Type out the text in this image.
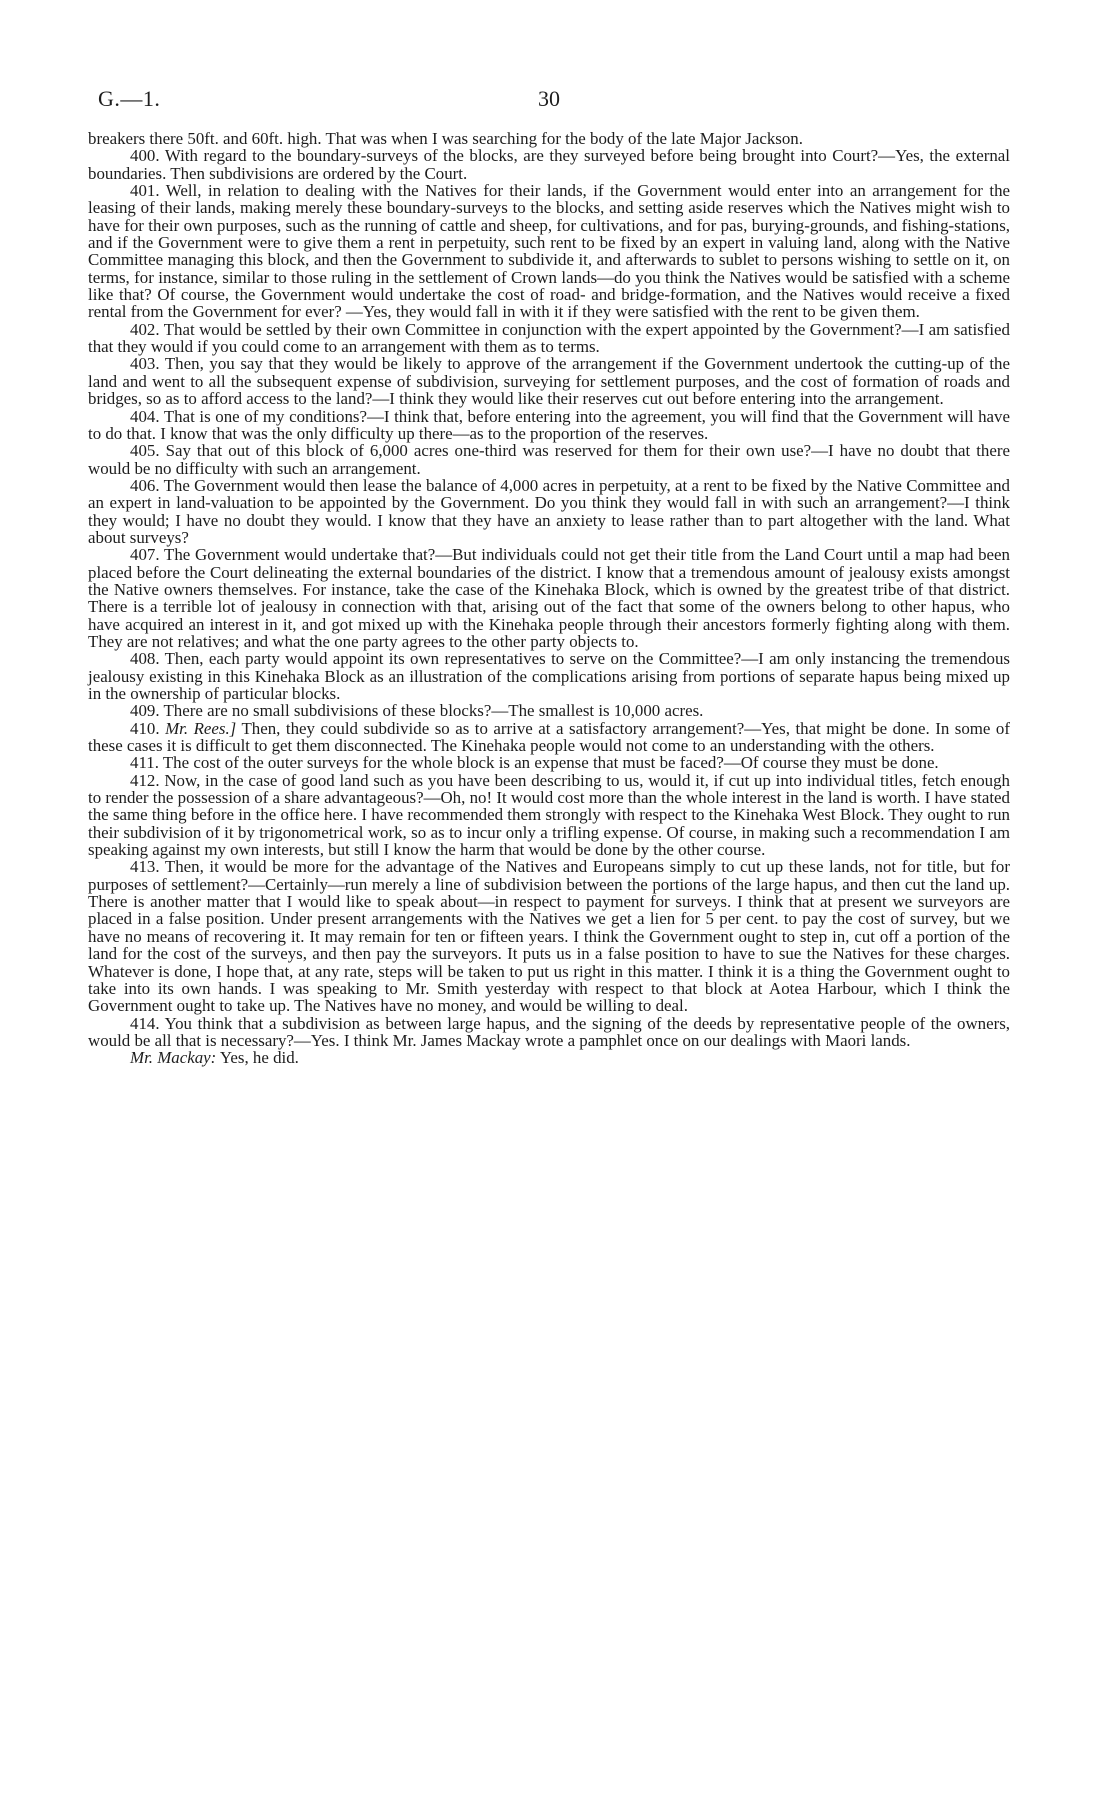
G.—1.	30

breakers there 50ft. and 60ft. high. That was when I was searching for the body of the late Major Jackson.

400. With regard to the boundary-surveys of the blocks, are they surveyed before being brought into Court?—Yes, the external boundaries. Then subdivisions are ordered by the Court.

401. Well, in relation to dealing with the Natives for their lands, if the Government would enter into an arrangement for the leasing of their lands, making merely these boundary-surveys to the blocks, and setting aside reserves which the Natives might wish to have for their own purposes, such as the running of cattle and sheep, for cultivations, and for pas, burying-grounds, and fishing-stations, and if the Government were to give them a rent in perpetuity, such rent to be fixed by an expert in valuing land, along with the Native Committee managing this block, and then the Government to subdivide it, and afterwards to sublet to persons wishing to settle on it, on terms, for instance, similar to those ruling in the settlement of Crown lands—do you think the Natives would be satisfied with a scheme like that? Of course, the Government would undertake the cost of road- and bridge-formation, and the Natives would receive a fixed rental from the Government for ever? —Yes, they would fall in with it if they were satisfied with the rent to be given them.

402. That would be settled by their own Committee in conjunction with the expert appointed by the Government?—I am satisfied that they would if you could come to an arrangement with them as to terms.

403. Then, you say that they would be likely to approve of the arrangement if the Government undertook the cutting-up of the land and went to all the subsequent expense of subdivision, surveying for settlement purposes, and the cost of formation of roads and bridges, so as to afford access to the land?—I think they would like their reserves cut out before entering into the arrangement.

404. That is one of my conditions?—I think that, before entering into the agreement, you will find that the Government will have to do that. I know that was the only difficulty up there—as to the proportion of the reserves.

405. Say that out of this block of 6,000 acres one-third was reserved for them for their own use?—I have no doubt that there would be no difficulty with such an arrangement.

406. The Government would then lease the balance of 4,000 acres in perpetuity, at a rent to be fixed by the Native Committee and an expert in land-valuation to be appointed by the Government. Do you think they would fall in with such an arrangement?—I think they would; I have no doubt they would. I know that they have an anxiety to lease rather than to part altogether with the land. What about surveys?

407. The Government would undertake that?—But individuals could not get their title from the Land Court until a map had been placed before the Court delineating the external boundaries of the district. I know that a tremendous amount of jealousy exists amongst the Native owners themselves. For instance, take the case of the Kinehaka Block, which is owned by the greatest tribe of that district. There is a terrible lot of jealousy in connection with that, arising out of the fact that some of the owners belong to other hapus, who have acquired an interest in it, and got mixed up with the Kinehaka people through their ancestors formerly fighting along with them. They are not relatives; and what the one party agrees to the other party objects to.

408. Then, each party would appoint its own representatives to serve on the Committee?—I am only instancing the tremendous jealousy existing in this Kinehaka Block as an illustration of the complications arising from portions of separate hapus being mixed up in the ownership of particular blocks.

409. There are no small subdivisions of these blocks?—The smallest is 10,000 acres.

410. Mr. Rees.] Then, they could subdivide so as to arrive at a satisfactory arrangement?—Yes, that might be done. In some of these cases it is difficult to get them disconnected. The Kinehaka people would not come to an understanding with the others.

411. The cost of the outer surveys for the whole block is an expense that must be faced?—Of course they must be done.

412. Now, in the case of good land such as you have been describing to us, would it, if cut up into individual titles, fetch enough to render the possession of a share advantageous?—Oh, no! It would cost more than the whole interest in the land is worth. I have stated the same thing before in the office here. I have recommended them strongly with respect to the Kinehaka West Block. They ought to run their subdivision of it by trigonometrical work, so as to incur only a trifling expense. Of course, in making such a recommendation I am speaking against my own interests, but still I know the harm that would be done by the other course.

413. Then, it would be more for the advantage of the Natives and Europeans simply to cut up these lands, not for title, but for purposes of settlement?—Certainly—run merely a line of subdivision between the portions of the large hapus, and then cut the land up. There is another matter that I would like to speak about—in respect to payment for surveys. I think that at present we surveyors are placed in a false position. Under present arrangements with the Natives we get a lien for 5 per cent. to pay the cost of survey, but we have no means of recovering it. It may remain for ten or fifteen years. I think the Government ought to step in, cut off a portion of the land for the cost of the surveys, and then pay the surveyors. It puts us in a false position to have to sue the Natives for these charges. Whatever is done, I hope that, at any rate, steps will be taken to put us right in this matter. I think it is a thing the Government ought to take into its own hands. I was speaking to Mr. Smith yesterday with respect to that block at Aotea Harbour, which I think the Government ought to take up. The Natives have no money, and would be willing to deal.

414. You think that a subdivision as between large hapus, and the signing of the deeds by representative people of the owners, would be all that is necessary?—Yes. I think Mr. James Mackay wrote a pamphlet once on our dealings with Maori lands.

Mr. Mackay: Yes, he did.
